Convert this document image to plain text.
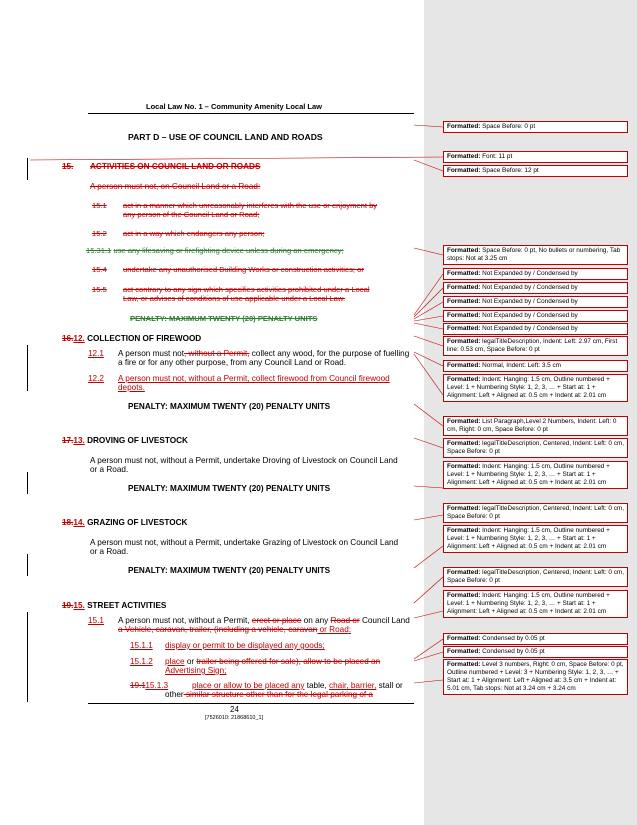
Local Law No. 1 – Community Amenity Local Law
PART D – USE OF COUNCIL LAND AND ROADS
15. ACTIVITIES ON COUNCIL LAND OR ROADS
A person must not, on Council Land or a Road:
15.1 act in a manner which unreasonably interferes with the use or enjoyment by
any person of the Council Land or Road;
15.2 act in a way which endangers any person;
15.31.1 use any lifesaving or firefighting device unless during an emergency;
15.4 undertake any unauthorised Building Works or construction activities; or
15.5 act contrary to any sign which specifies activities prohibited under a Local
Law, or advises of conditions of use applicable under a Local Law.
PENALTY: MAXIMUM TWENTY (20) PENALTY UNITS
16.12. COLLECTION OF FIREWOOD
12.1 A person must not, without a Permit, collect any wood, for the purpose of fuelling
a fire or for any other purpose, from any Council Land or Road.
12.2 A person must not, without a Permit, collect firewood from Council firewood
depots.
PENALTY: MAXIMUM TWENTY (20) PENALTY UNITS
17.13. DROVING OF LIVESTOCK
A person must not, without a Permit, undertake Droving of Livestock on Council Land
or a Road.
PENALTY: MAXIMUM TWENTY (20) PENALTY UNITS
18.14. GRAZING OF LIVESTOCK
A person must not, without a Permit, undertake Grazing of Livestock on Council Land
or a Road.
PENALTY: MAXIMUM TWENTY (20) PENALTY UNITS
19.15. STREET ACTIVITIES
15.1 A person must not, without a Permit, erect or place on any Road or Council Land
a Vehicle, caravan, trailer, (including a vehicle, caravan or Road:
15.1.1 display or permit to be displayed any goods;
15.1.2 place or trailer being offered for sale), allow to be placed an
Advertising Sign;
19.115.1.3	place or allow to be placed any table, chair, barrier, stall or
other similar structure other than for the legal parking of a
24
[7526010: 21868610_1]
Formatted: Space Before: 0 pt
Formatted: Font: 11 pt
Formatted: Space Before: 12 pt
Formatted: Space Before: 0 pt, No bullets or numbering, Tab stops: Not at 3.25 cm
Formatted: Not Expanded by / Condensed by
Formatted: Not Expanded by / Condensed by
Formatted: Not Expanded by / Condensed by
Formatted: Not Expanded by / Condensed by
Formatted: Not Expanded by / Condensed by
Formatted: legalTitleDescription, Indent: Left: 2.97 cm, First line: 0.53 cm, Space Before: 0 pt
Formatted: Normal, Indent: Left: 3.5 cm
Formatted: Indent: Hanging: 1.5 cm, Outline numbered + Level: 1 + Numbering Style: 1, 2, 3, … + Start at: 1 + Alignment: Left + Aligned at: 0.5 cm + Indent at: 2.01 cm
Formatted: List Paragraph,Level 2 Numbers, Indent: Left: 0 cm, Right: 0 cm, Space Before: 0 pt
Formatted: legalTitleDescription, Centered, Indent: Left: 0 cm, Space Before: 0 pt
Formatted: Indent: Hanging: 1.5 cm, Outline numbered + Level: 1 + Numbering Style: 1, 2, 3, … + Start at: 1 + Alignment: Left + Aligned at: 0.5 cm + Indent at: 2.01 cm
Formatted: legalTitleDescription, Centered, Indent: Left: 0 cm, Space Before: 0 pt
Formatted: Indent: Hanging: 1.5 cm, Outline numbered + Level: 1 + Numbering Style: 1, 2, 3, … + Start at: 1 + Alignment: Left + Aligned at: 0.5 cm + Indent at: 2.01 cm
Formatted: legalTitleDescription, Centered, Indent: Left: 0 cm, Space Before: 0 pt
Formatted: Indent: Hanging: 1.5 cm, Outline numbered + Level: 1 + Numbering Style: 1, 2, 3, … + Start at: 1 + Alignment: Left + Aligned at: 0.5 cm + Indent at: 2.01 cm
Formatted: Condensed by 0.05 pt
Formatted: Condensed by 0.05 pt
Formatted: Level 3 numbers, Right: 0 cm, Space Before: 0 pt, Outline numbered + Level: 3 + Numbering Style: 1, 2, 3, … + Start at: 1 + Alignment: Left + Aligned at: 3.5 cm + Indent at: 5.01 cm, Tab stops: Not at 3.24 cm + 3.24 cm
